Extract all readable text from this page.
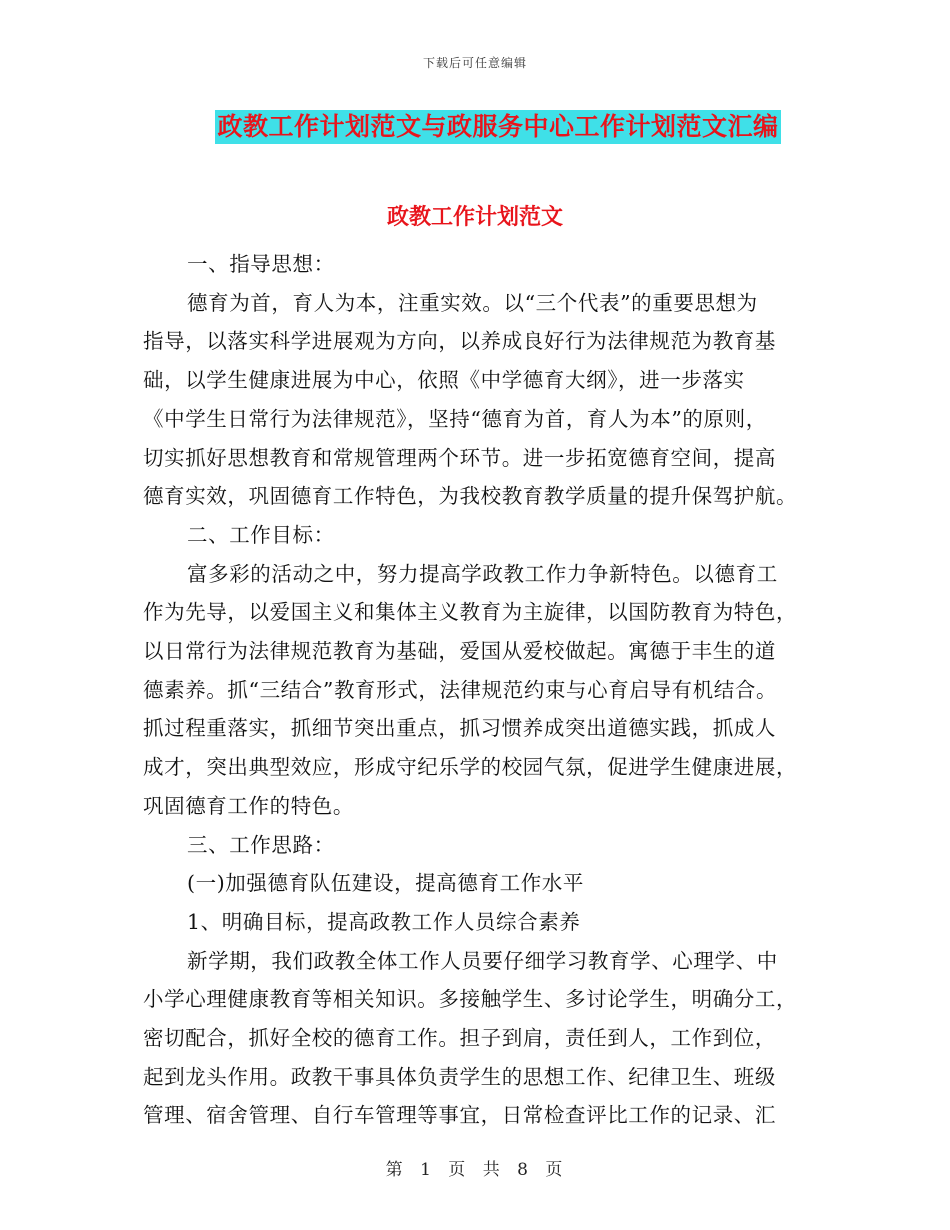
下载后可任意编辑
政教工作计划范文与政服务中心工作计划范文汇编
政教工作计划范文
一、指导思想：
德育为首，育人为本，注重实效。以“三个代表”的重要思想为
指导，以落实科学进展观为方向，以养成良好行为法律规范为教育基
础，以学生健康进展为中心，依照《中学德育大纲》，进一步落实
《中学生日常行为法律规范》，坚持“德育为首，育人为本”的原则，
切实抓好思想教育和常规管理两个环节。进一步拓宽德育空间，提高
德育实效，巩固德育工作特色，为我校教育教学质量的提升保驾护航。
二、工作目标：
富多彩的活动之中，努力提高学政教工作力争新特色。以德育工
作为先导，以爱国主义和集体主义教育为主旋律，以国防教育为特色，
以日常行为法律规范教育为基础，爱国从爱校做起。寓德于丰生的道
德素养。抓“三结合”教育形式，法律规范约束与心育启导有机结合。
抓过程重落实，抓细节突出重点，抓习惯养成突出道德实践，抓成人
成才，突出典型效应，形成守纪乐学的校园气氛，促进学生健康进展，
巩固德育工作的特色。
三、工作思路：
(一)加强德育队伍建设，提高德育工作水平
1、明确目标，提高政教工作人员综合素养
新学期，我们政教全体工作人员要仔细学习教育学、心理学、中
小学心理健康教育等相关知识。多接触学生、多讨论学生，明确分工，
密切配合，抓好全校的德育工作。担子到肩，责任到人，工作到位，
起到龙头作用。政教干事具体负责学生的思想工作、纪律卫生、班级
管理、宿舍管理、自行车管理等事宜，日常检查评比工作的记录、汇
第 1 页 共 8 页
